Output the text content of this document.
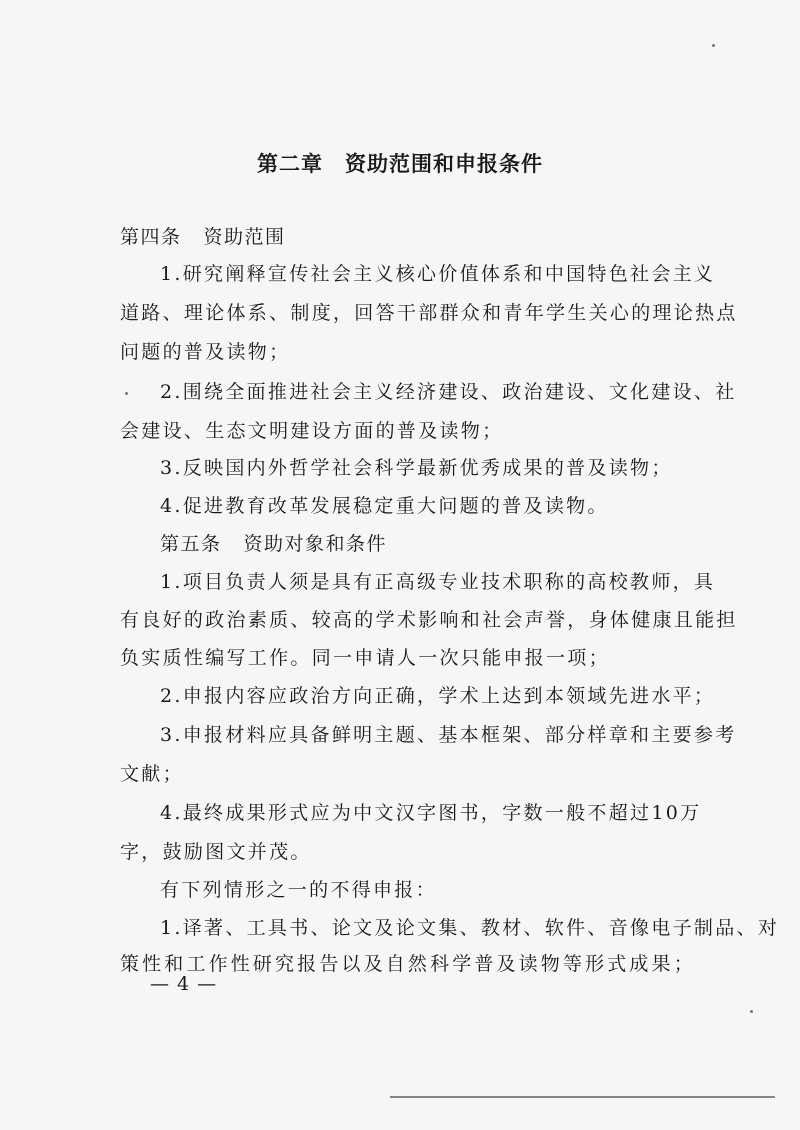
第二章 资助范围和申报条件
第四条 资助范围
1.研究阐释宣传社会主义核心价值体系和中国特色社会主义
道路、理论体系、制度，回答干部群众和青年学生关心的理论热点
问题的普及读物；
2.围绕全面推进社会主义经济建设、政治建设、文化建设、社
会建设、生态文明建设方面的普及读物；
3.反映国内外哲学社会科学最新优秀成果的普及读物；
4.促进教育改革发展稳定重大问题的普及读物。
第五条 资助对象和条件
1.项目负责人须是具有正高级专业技术职称的高校教师，具
有良好的政治素质、较高的学术影响和社会声誉，身体健康且能担
负实质性编写工作。同一申请人一次只能申报一项；
2.申报内容应政治方向正确，学术上达到本领域先进水平；
3.申报材料应具备鲜明主题、基本框架、部分样章和主要参考
文献；
4.最终成果形式应为中文汉字图书，字数一般不超过10万
字，鼓励图文并茂。
有下列情形之一的不得申报：
1.译著、工具书、论文及论文集、教材、软件、音像电子制品、对
策性和工作性研究报告以及自然科学普及读物等形式成果；
— 4 —
